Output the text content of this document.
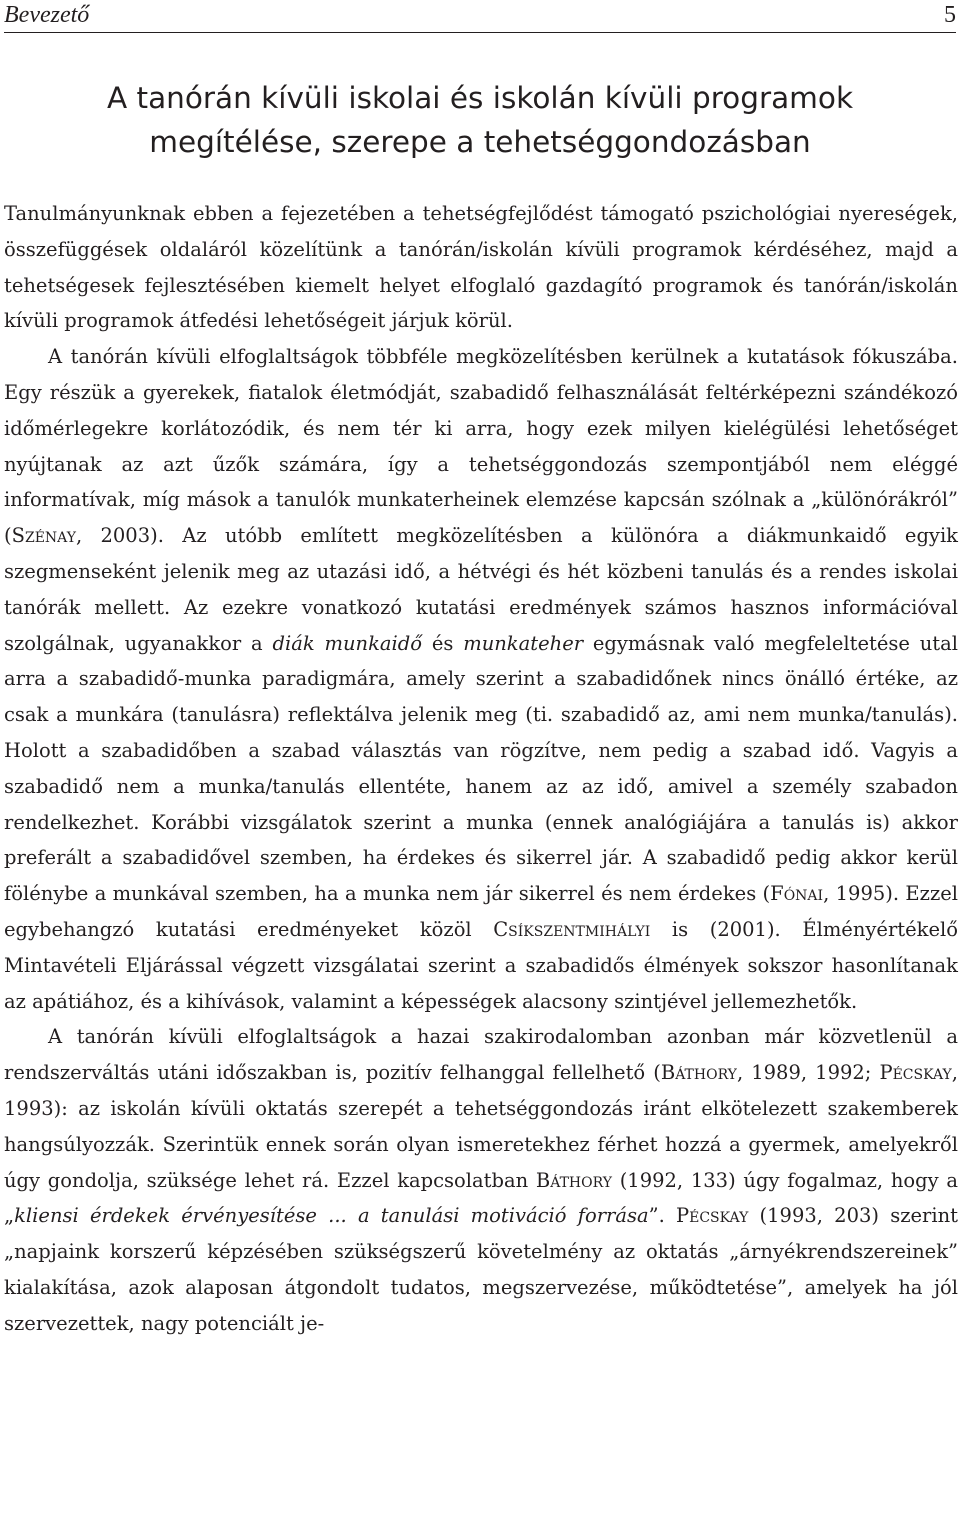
Bevezető	5
A tanórán kívüli iskolai és iskolán kívüli programok
megítélése, szerepe a tehetséggondozásban

Tanulmányunknak ebben a fejezetében a tehetségfejlődést támogató pszichológiai nyereségek, összefüggések oldaláról közelítünk a tanórán/iskolán kívüli programok kérdéséhez, majd a tehetségesek fejlesztésében kiemelt helyet elfoglaló gazdagító programok és tanórán/iskolán kívüli programok átfedési lehetőségeit járjuk körül.

A tanórán kívüli elfoglaltságok többféle megközelítésben kerülnek a kutatások fókuszába. Egy részük a gyerekek, fiatalok életmódját, szabadidő felhasználását feltérképezni szándékozó időmérlegekre korlátozódik, és nem tér ki arra, hogy ezek milyen kielégülési lehetőséget nyújtanak az azt űzők számára, így a tehetséggondozás szempontjából nem eléggé informatívak, míg mások a tanulók munkaterheinek elemzése kapcsán szólnak a „különórákról” (Szénay, 2003). Az utóbb említett megközelítésben a különóra a diákmunkaidő egyik szegmenseként jelenik meg az utazási idő, a hétvégi és hét közbeni tanulás és a rendes iskolai tanórák mellett. Az ezekre vonatkozó kutatási eredmények számos hasznos információval szolgálnak, ugyanakkor a diák munkaidő és munkateher egymásnak való megfeleltetése utal arra a szabadidő-munka paradigmára, amely szerint a szabadidőnek nincs önálló értéke, az csak a munkára (tanulásra) reflektálva jelenik meg (ti. szabadidő az, ami nem munka/tanulás). Holott a szabadidőben a szabad választás van rögzítve, nem pedig a szabad idő. Vagyis a szabadidő nem a munka/tanulás ellentéte, hanem az az idő, amivel a személy szabadon rendelkezhet. Korábbi vizsgálatok szerint a munka (ennek analógiájára a tanulás is) akkor preferált a szabadidővel szemben, ha érdekes és sikerrel jár. A szabadidő pedig akkor kerül fölénybe a munkával szemben, ha a munka nem jár sikerrel és nem érdekes (Fónai, 1995). Ezzel egybehangzó kutatási eredményeket közöl Csíkszentmihályi is (2001). Élményértékelő Mintavételi Eljárással végzett vizsgálatai szerint a szabadidős élmények sokszor hasonlítanak az apátiához, és a kihívások, valamint a képességek alacsony szintjével jellemezhetők.

A tanórán kívüli elfoglaltságok a hazai szakirodalomban azonban már közvetlenül a rendszerváltás utáni időszakban is, pozitív felhanggal fellelhető (Báthory, 1989, 1992; Pécskay, 1993): az iskolán kívüli oktatás szerepét a tehetséggondozás iránt elkötelezett szakemberek hangsúlyozzák. Szerintük ennek során olyan ismeretekhez férhet hozzá a gyermek, amelyekről úgy gondolja, szüksége lehet rá. Ezzel kapcsolatban Báthory (1992, 133) úgy fogalmaz, hogy a „kliensi érdekek érvényesítése ... a tanulási motiváció forrása”. Pécskay (1993, 203) szerint „napjaink korszerű képzésében szükségszerű követelmény az oktatás „árnyékrendszereinek” kialakítása, azok alaposan átgondolt tudatos, megszervezése, működtetése”, amelyek ha jól szervezettek, nagy potenciált je-
